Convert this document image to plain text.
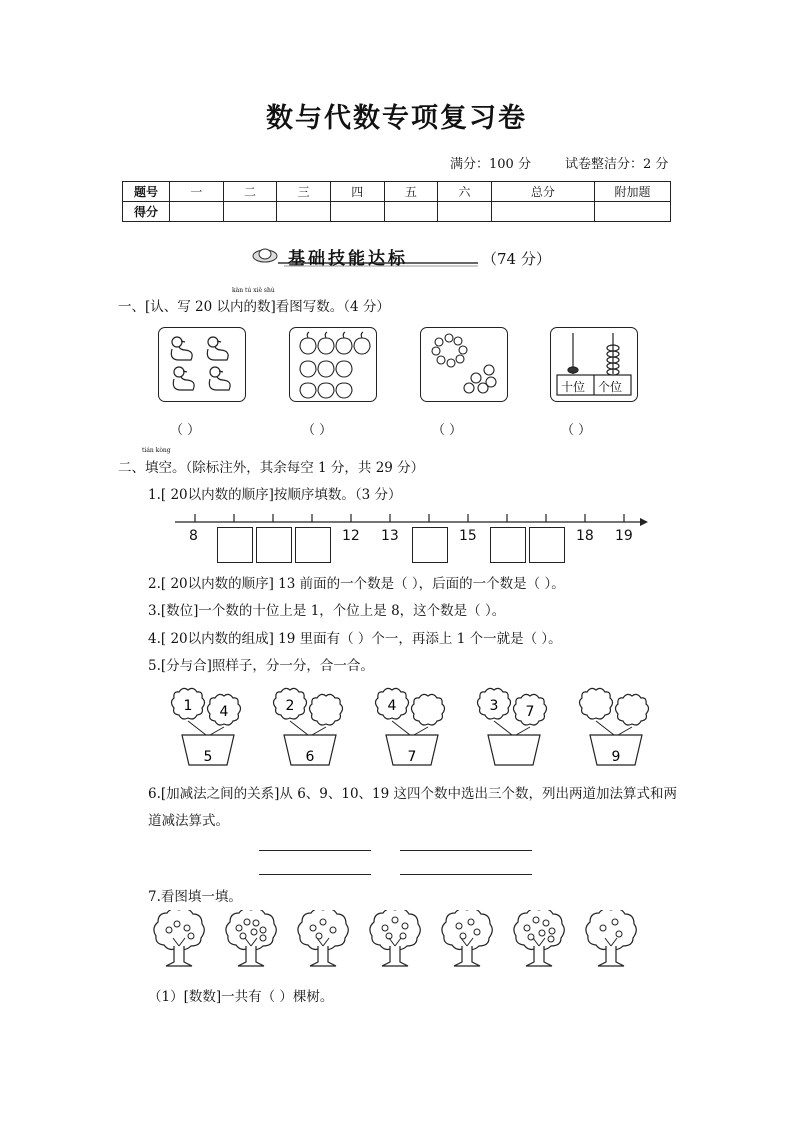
数与代数专项复习卷
满分：100 分	试卷整洁分：2 分
题号	一	二	三	四	五	六	总分	附加题
得分								
基础技能达标	（74 分）
kàn tú xiě shù
一、[认、写 20 以内的数]看图写数。（4 分）
十位 个位
（ ）	（ ）	（ ）	（ ）
tián kòng
二、填空。（除标注外，其余每空 1 分，共 29 分）
1.[ 20以内数的顺序]按顺序填数。（3 分）
8	12 13	15	18 19
2.[ 20以内数的顺序] 13 前面的一个数是（ ），后面的一个数是（ ）。
3.[数位]一个数的十位上是 1，个位上是 8，这个数是（ ）。
4.[ 20以内数的组成] 19 里面有（ ）个一，再添上 1 个一就是（ ）。
5.[分与合]照样子，分一分，合一合。
1 4
5
2
6
4
7
3 7
9
6.[加减法之间的关系]从 6、9、10、19 这四个数中选出三个数，列出两道加法算式和两
道减法算式。
7.看图填一填。
（1）[数数]一共有（ ）棵树。
